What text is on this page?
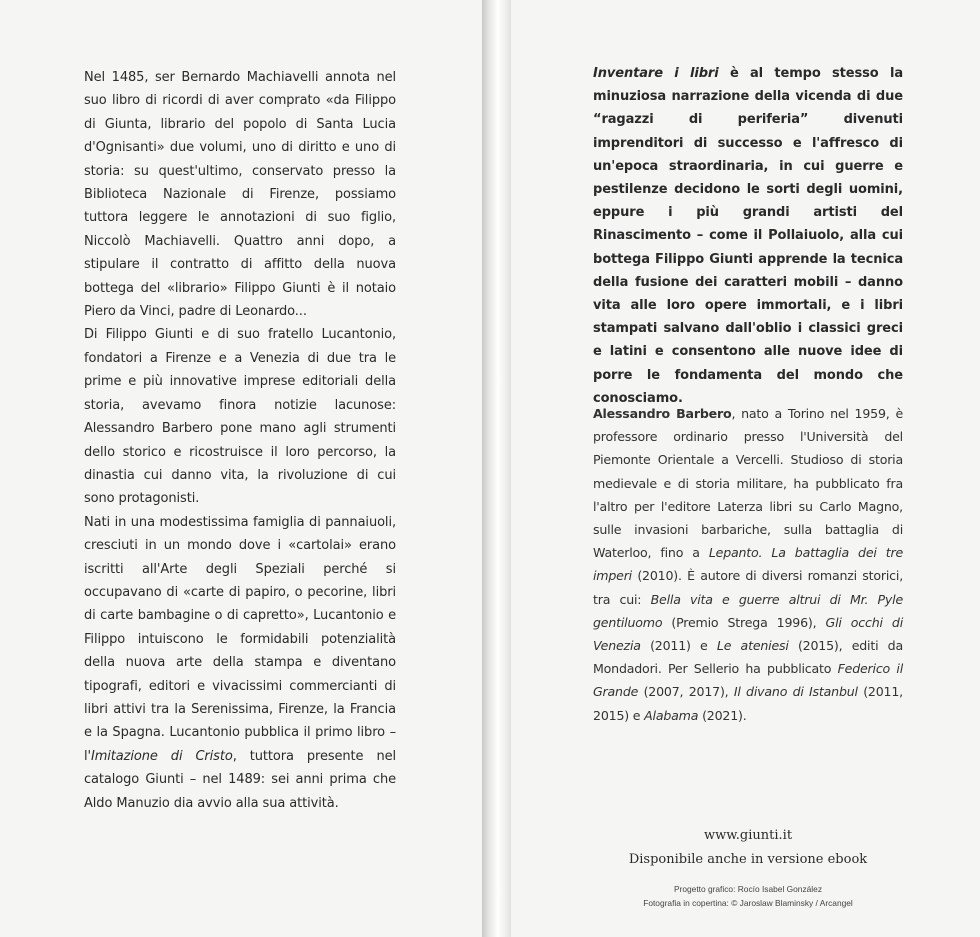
Nel 1485, ser Bernardo Machiavelli annota nel suo libro di ricordi di aver comprato «da Filippo di Giunta, librario del popolo di Santa Lucia d'Ognisanti» due volumi, uno di diritto e uno di storia: su quest'ultimo, conservato presso la Biblioteca Nazionale di Firenze, possiamo tuttora leggere le annotazioni di suo figlio, Niccolò Machiavelli. Quattro anni dopo, a stipulare il contratto di affitto della nuova bottega del «librario» Filippo Giunti è il notaio Piero da Vinci, padre di Leonardo...

Di Filippo Giunti e di suo fratello Lucantonio, fondatori a Firenze e a Venezia di due tra le prime e più innovative imprese editoriali della storia, avevamo finora notizie lacunose: Alessandro Barbero pone mano agli strumenti dello storico e ricostruisce il loro percorso, la dinastia cui danno vita, la rivoluzione di cui sono protagonisti.

Nati in una modestissima famiglia di pannaiuoli, cresciuti in un mondo dove i «cartolai» erano iscritti all'Arte degli Speziali perché si occupavano di «carte di papiro, o pecorine, libri di carte bambagine o di capretto», Lucantonio e Filippo intuiscono le formidabili potenzialità della nuova arte della stampa e diventano tipografi, editori e vivacissimi commercianti di libri attivi tra la Serenissima, Firenze, la Francia e la Spagna. Lucantonio pubblica il primo libro – l'Imitazione di Cristo, tuttora presente nel catalogo Giunti – nel 1489: sei anni prima che Aldo Manuzio dia avvio alla sua attività.

Inventare i libri è al tempo stesso la minuziosa narrazione della vicenda di due “ragazzi di periferia” divenuti imprenditori di successo e l'affresco di un'epoca straordinaria, in cui guerre e pestilenze decidono le sorti degli uomini, eppure i più grandi artisti del Rinascimento – come il Pollaiuolo, alla cui bottega Filippo Giunti apprende la tecnica della fusione dei caratteri mobili – danno vita alle loro opere immortali, e i libri stampati salvano dall'oblio i classici greci e latini e consentono alle nuove idee di porre le fondamenta del mondo che conosciamo.

Alessandro Barbero, nato a Torino nel 1959, è professore ordinario presso l'Università del Piemonte Orientale a Vercelli. Studioso di storia medievale e di storia militare, ha pubblicato fra l'altro per l'editore Laterza libri su Carlo Magno, sulle invasioni barbariche, sulla battaglia di Waterloo, fino a Lepanto. La battaglia dei tre imperi (2010). È autore di diversi romanzi storici, tra cui: Bella vita e guerre altrui di Mr. Pyle gentiluomo (Premio Strega 1996), Gli occhi di Venezia (2011) e Le ateniesi (2015), editi da Mondadori. Per Sellerio ha pubblicato Federico il Grande (2007, 2017), Il divano di Istanbul (2011, 2015) e Alabama (2021).

www.giunti.it
Disponibile anche in versione ebook
Progetto grafico: Rocío Isabel González
Fotografia in copertina: © Jaroslaw Blaminsky / Arcangel
